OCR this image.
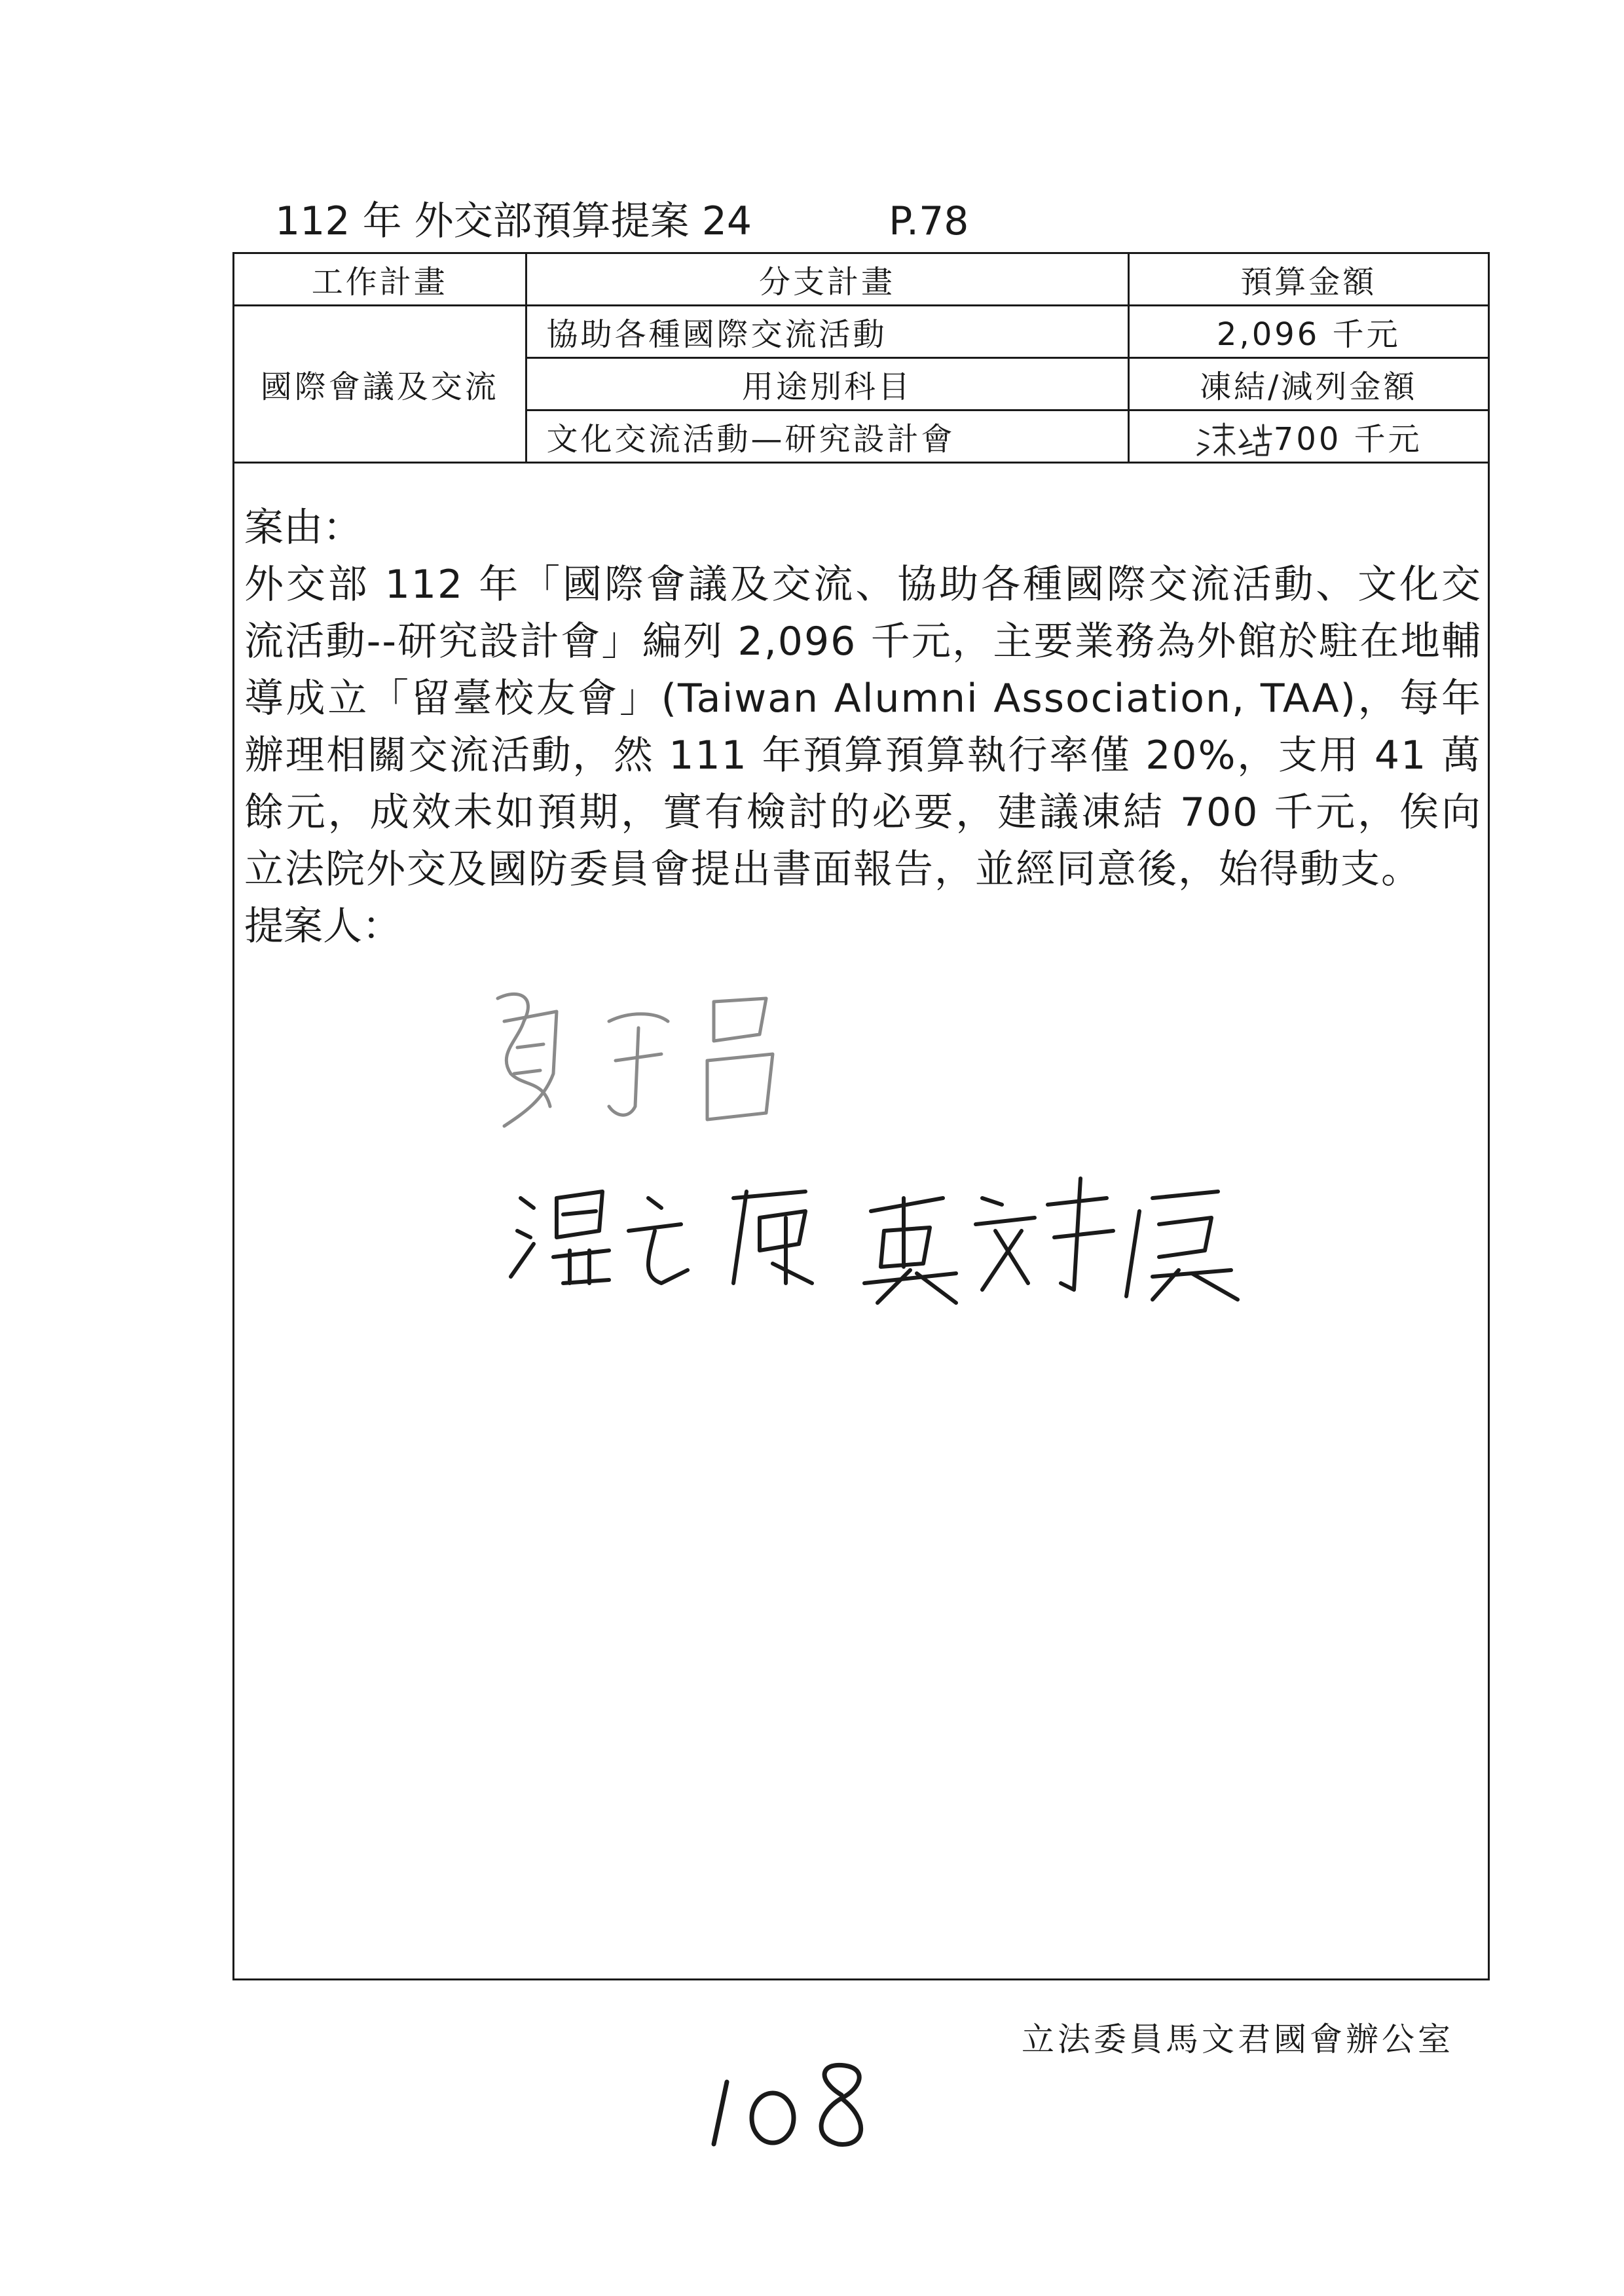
112 年 外交部預算提案 24	P.78
工作計畫	分支計畫	預算金額
國際會議及交流	協助各種國際交流活動	2,096 千元
	用途別科目	凍結/減列金額
	文化交流活動—研究設計會	700 千元

案由：

外交部 112 年「國際會議及交流、協助各種國際交流活動、文化交流活動--研究設計會」編列 2,096 千元，主要業務為外館於駐在地輔導成立「留臺校友會」(Taiwan Alumni Association, TAA)，每年辦理相關交流活動，然 111 年預算預算執行率僅 20%，支用 41 萬餘元，成效未如預期，實有檢討的必要，建議凍結 700 千元，俟向立法院外交及國防委員會提出書面報告，並經同意後，始得動支。

提案人：

立法委員馬文君國會辦公室
